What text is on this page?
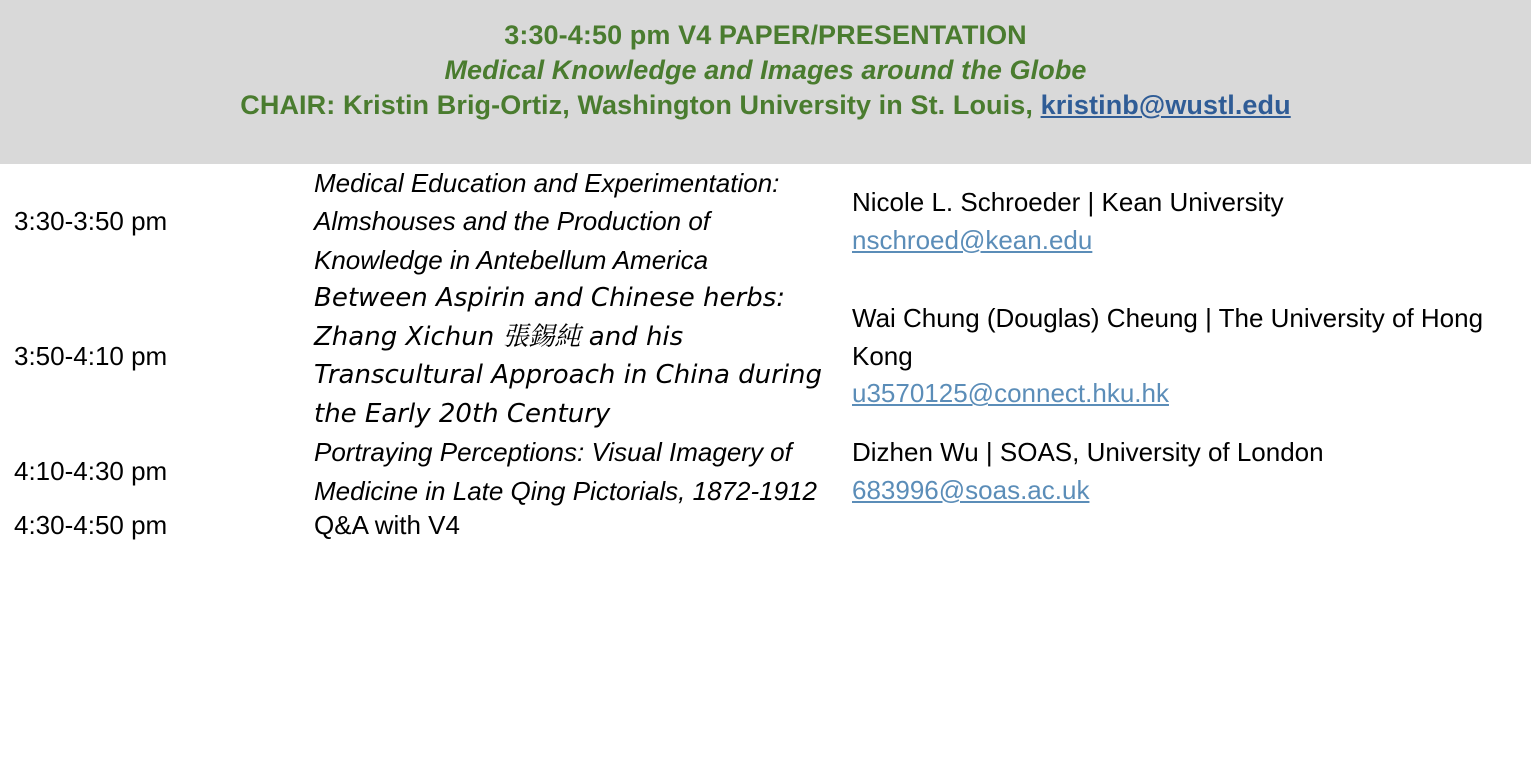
3:30-4:50 pm V4 PAPER/PRESENTATION
Medical Knowledge and Images around the Globe
CHAIR: Kristin Brig-Ortiz, Washington University in St. Louis, kristinb@wustl.edu
3:30-3:50 pm	Medical Education and Experimentation: Almshouses and the Production of Knowledge in Antebellum America	Nicole L. Schroeder | Kean University
nschroed@kean.edu

3:50-4:10 pm	Between Aspirin and Chinese herbs: Zhang Xichun 張錫純 and his Transcultural Approach in China during the Early 20th Century	Wai Chung (Douglas) Cheung | The University of Hong Kong
u3570125@connect.hku.hk

4:10-4:30 pm	Portraying Perceptions: Visual Imagery of Medicine in Late Qing Pictorials, 1872-1912	Dizhen Wu | SOAS, University of London
683996@soas.ac.uk

4:30-4:50 pm	Q&A with V4	
